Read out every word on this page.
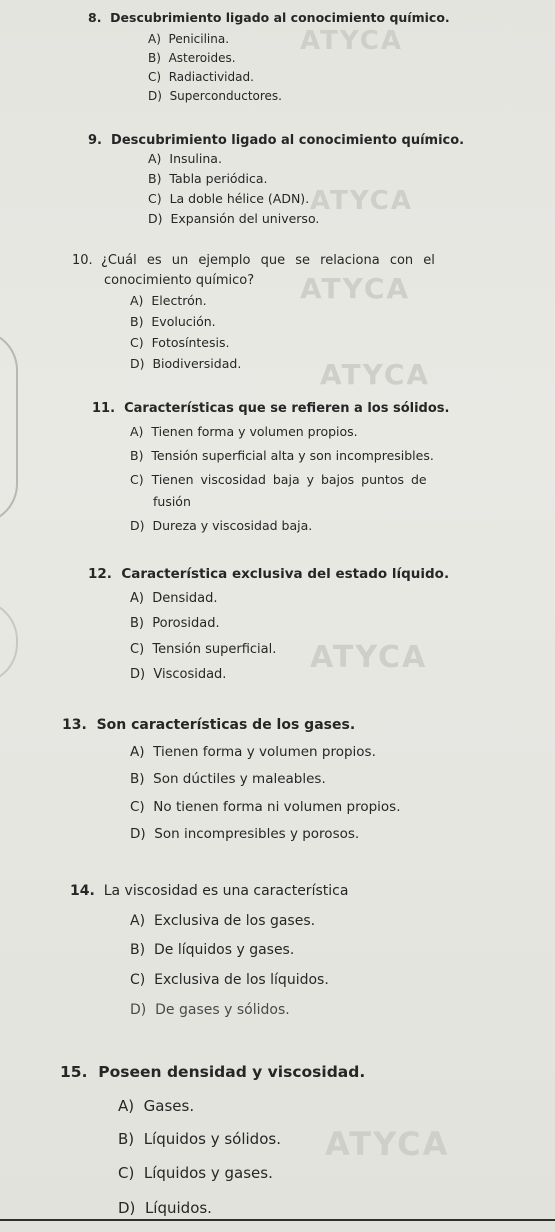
ATYCA
ATYCA
ATYCA
ATYCA
ATYCA
ATYCA
8. Descubrimiento ligado al conocimiento químico.
A) Penicilina.
B) Asteroides.
C) Radiactividad.
D) Superconductores.
9. Descubrimiento ligado al conocimiento químico.
A) Insulina.
B) Tabla periódica.
C) La doble hélice (ADN).
D) Expansión del universo.
10. ¿Cuál es un ejemplo que se relaciona con el
conocimiento químico?
A) Electrón.
B) Evolución.
C) Fotosíntesis.
D) Biodiversidad.
11. Características que se refieren a los sólidos.
A) Tienen forma y volumen propios.
B) Tensión superficial alta y son incompresibles.
C) Tienen viscosidad baja y bajos puntos de
fusión
D) Dureza y viscosidad baja.
12. Característica exclusiva del estado líquido.
A) Densidad.
B) Porosidad.
C) Tensión superficial.
D) Viscosidad.
13. Son características de los gases.
A) Tienen forma y volumen propios.
B) Son dúctiles y maleables.
C) No tienen forma ni volumen propios.
D) Son incompresibles y porosos.
14. La viscosidad es una característica
A) Exclusiva de los gases.
B) De líquidos y gases.
C) Exclusiva de los líquidos.
D) De gases y sólidos.
15. Poseen densidad y viscosidad.
A) Gases.
B) Líquidos y sólidos.
C) Líquidos y gases.
D) Líquidos.
